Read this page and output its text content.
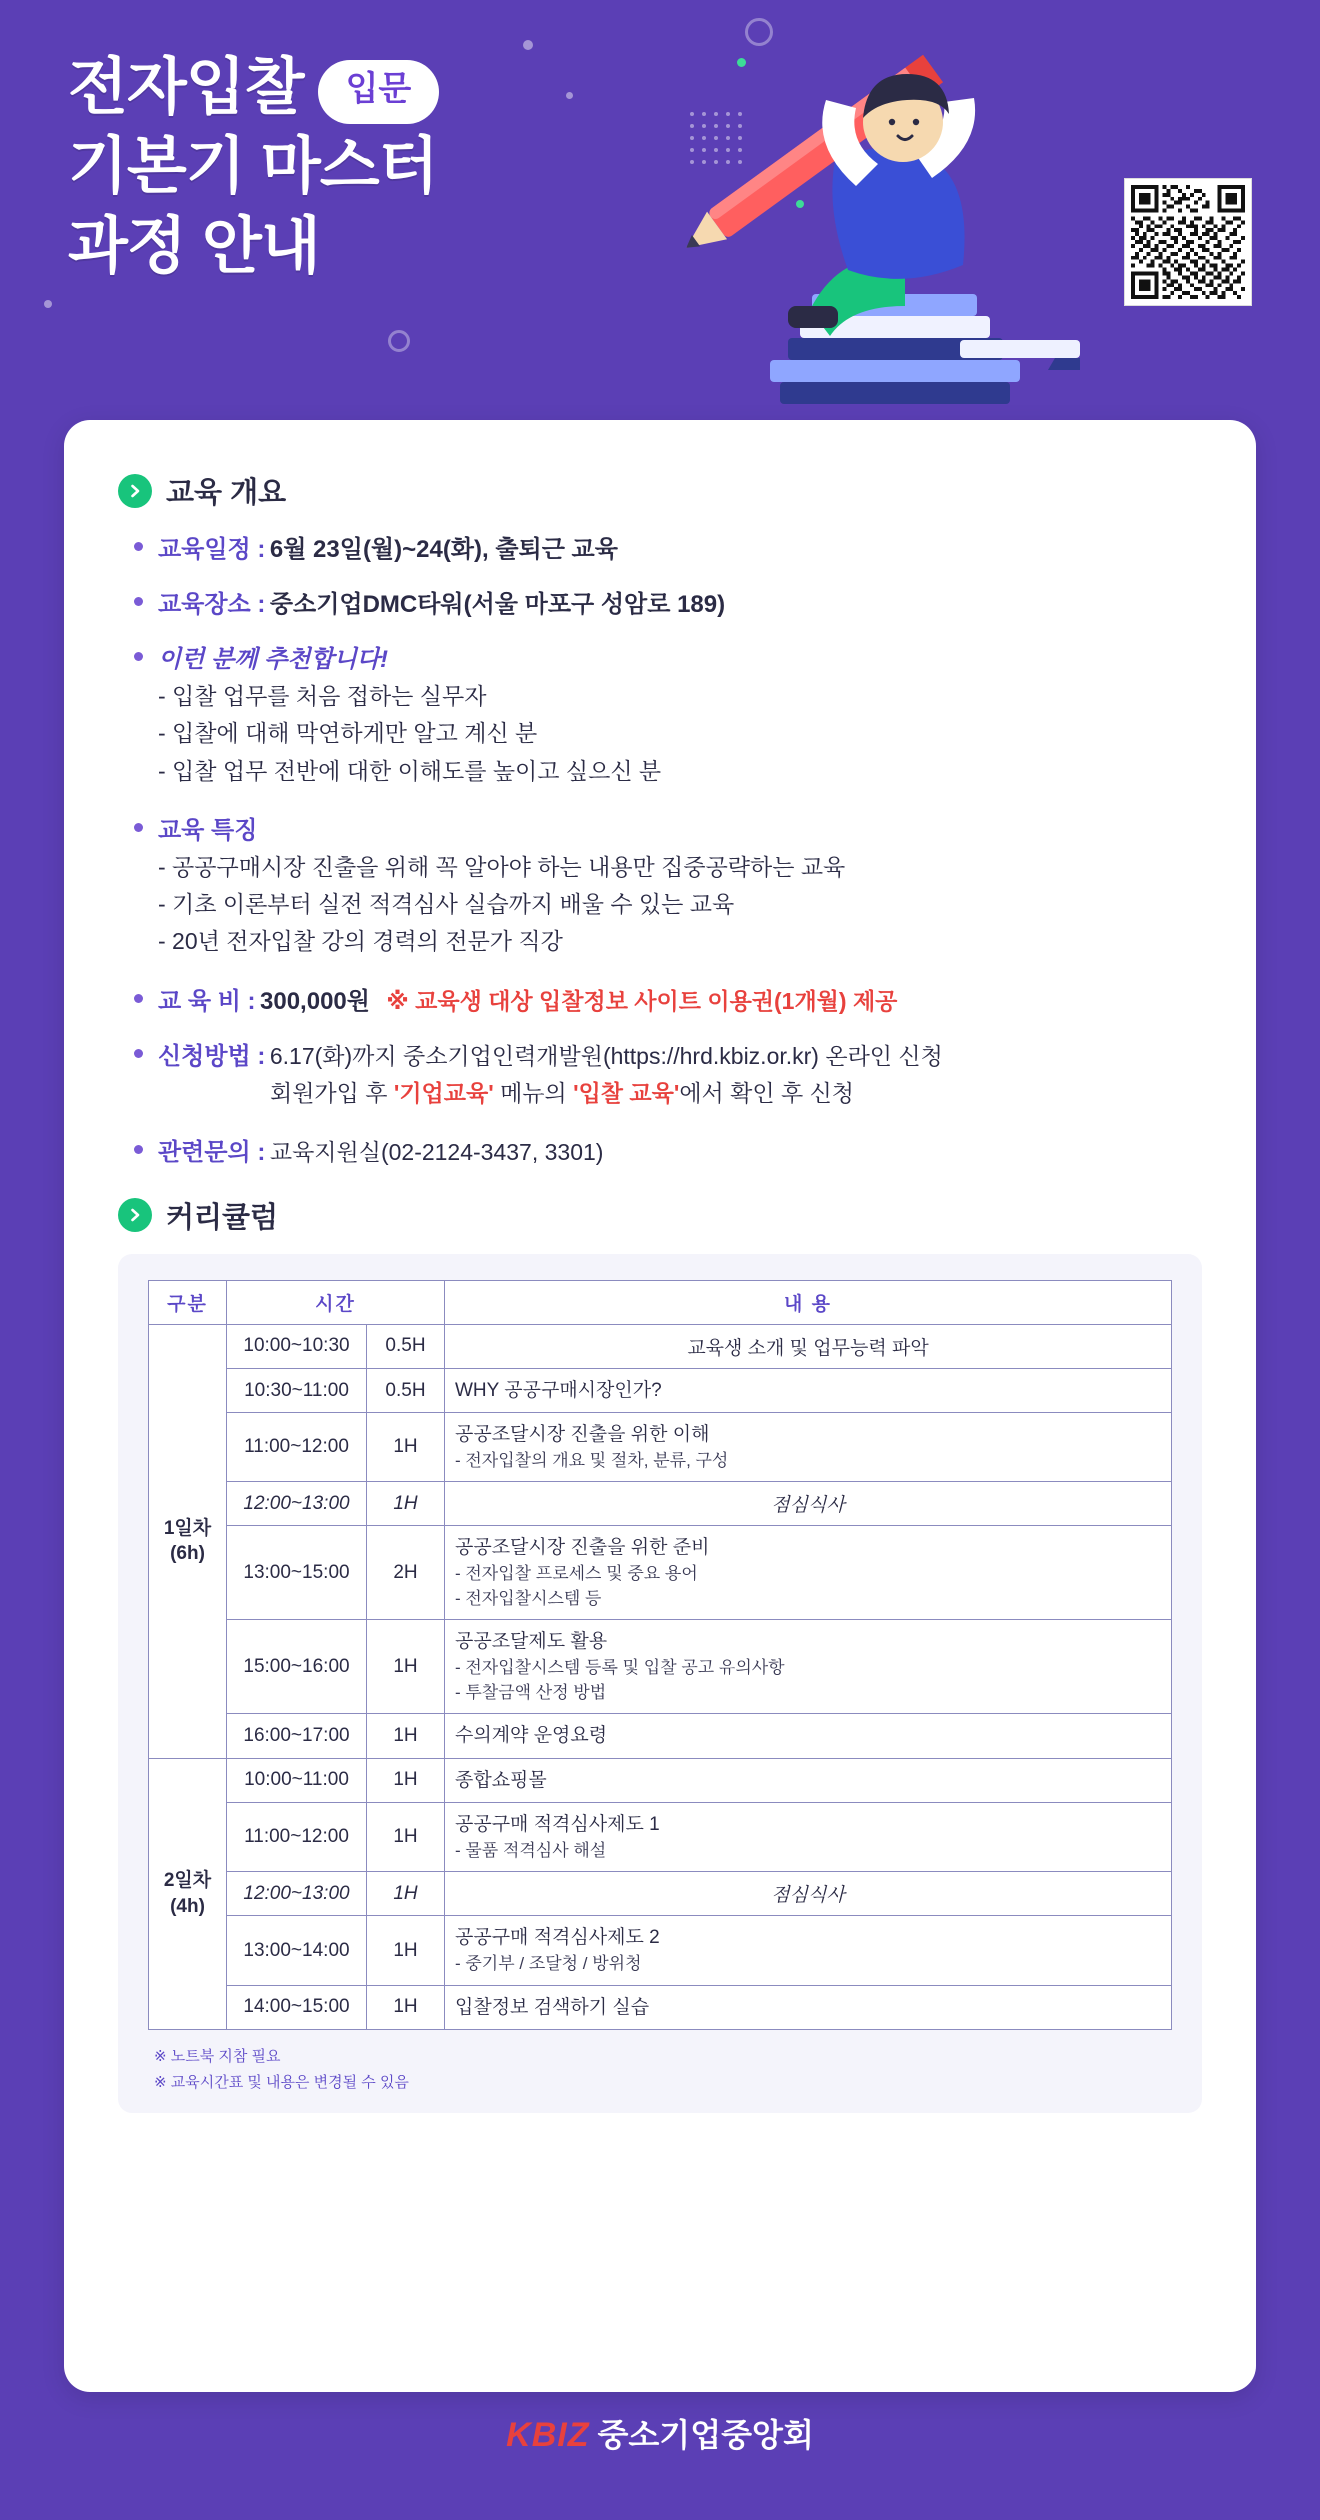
전자입찰 입문
기본기 마스터
과정 안내
교육 개요
교육일정 : 6월 23일(월)~24(화), 출퇴근 교육
교육장소 : 중소기업DMC타워(서울 마포구 성암로 189)
이런 분께 추천합니다!
- 입찰 업무를 처음 접하는 실무자
- 입찰에 대해 막연하게만 알고 계신 분
- 입찰 업무 전반에 대한 이해도를 높이고 싶으신 분
교육 특징
- 공공구매시장 진출을 위해 꼭 알아야 하는 내용만 집중공략하는 교육
- 기초 이론부터 실전 적격심사 실습까지 배울 수 있는 교육
- 20년 전자입찰 강의 경력의 전문가 직강
교 육 비 : 300,000원 ※ 교육생 대상 입찰정보 사이트 이용권(1개월) 제공
신청방법 : 6.17(화)까지 중소기업인력개발원(https://hrd.kbiz.or.kr) 온라인 신청
회원가입 후 '기업교육' 메뉴의 '입찰 교육'에서 확인 후 신청
관련문의 : 교육지원실(02-2124-3437, 3301)
커리큘럼
구분	시간		내 용
1일차
(6h)	10:00~10:30	0.5H	교육생 소개 및 업무능력 파악
	10:30~11:00	0.5H	WHY 공공구매시장인가?
	11:00~12:00	1H	공공조달시장 진출을 위한 이해
- 전자입찰의 개요 및 절차, 분류, 구성

	12:00~13:00	1H	점심식사
	13:00~15:00	2H	공공조달시장 진출을 위한 준비
- 전자입찰 프로세스 및 중요 용어
- 전자입찰시스템 등

	15:00~16:00	1H	공공조달제도 활용
- 전자입찰시스템 등록 및 입찰 공고 유의사항
- 투찰금액 산정 방법

	16:00~17:00	1H	수의계약 운영요령
2일차
(4h)	10:00~11:00	1H	종합쇼핑몰
	11:00~12:00	1H	공공구매 적격심사제도 1
- 물품 적격심사 해설

	12:00~13:00	1H	점심식사
	13:00~14:00	1H	공공구매 적격심사제도 2
- 중기부 / 조달청 / 방위청

	14:00~15:00	1H	입찰정보 검색하기 실습
※ 노트북 지참 필요
※ 교육시간표 및 내용은 변경될 수 있음
KBIZ 중소기업중앙회
